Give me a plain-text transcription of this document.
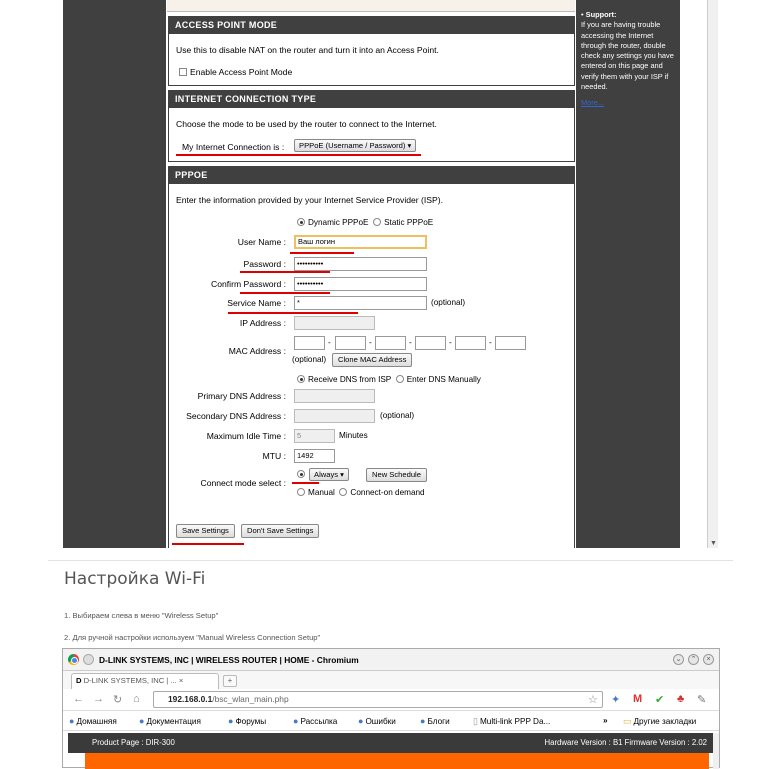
• Support:
If you are having trouble accessing the Internet through the router, double check any settings you have entered on this page and verify them with your ISP if needed.
More...
▼
ACCESS POINT MODE
Use this to disable NAT on the router and turn it into an Access Point.
Enable Access Point Mode
INTERNET CONNECTION TYPE
Choose the mode to be used by the router to connect to the Internet.
My Internet Connection is :	PPPoE (Username / Password) ▾
PPPOE
Enter the information provided by your Internet Service Provider (ISP).
Dynamic PPPoE Static PPPoE
User Name :	Ваш логин
Password :	••••••••••
Confirm Password :	••••••••••
Service Name :	*	(optional)
IP Address :
MAC Address :
-	-	-	-	-
(optional)	Clone MAC Address
Receive DNS from ISP Enter DNS Manually
Primary DNS Address :
Secondary DNS Address :	(optional)
Maximum Idle Time :	5	Minutes
MTU :	1492
Connect mode select :
Always ▾	New Schedule
Manual Connect-on demand
Save Settings	Don't Save Settings
Настройка Wi-Fi
1. Выбираем слева в меню "Wireless Setup"
2. Для ручной настройки используем "Manual Wireless Connection Setup"
D-LINK SYSTEMS, INC | WIRELESS ROUTER | HOME - Chromium	⌄	⌃	×
D D-LINK SYSTEMS, INC | ... ×	+
← → ↻ ⌂	192.168.0.1/bsc_wlan_main.php	☆ ✦ M ✔ ♣ ✎
● Домашняя ● Документация	● Форумы	● Рассылка ● Ошибки	● Блоги	▯ Multi-link PPP Da...	» ▭ Другие закладки
Product Page : DIR-300	Hardware Version : B1 Firmware Version : 2.02
